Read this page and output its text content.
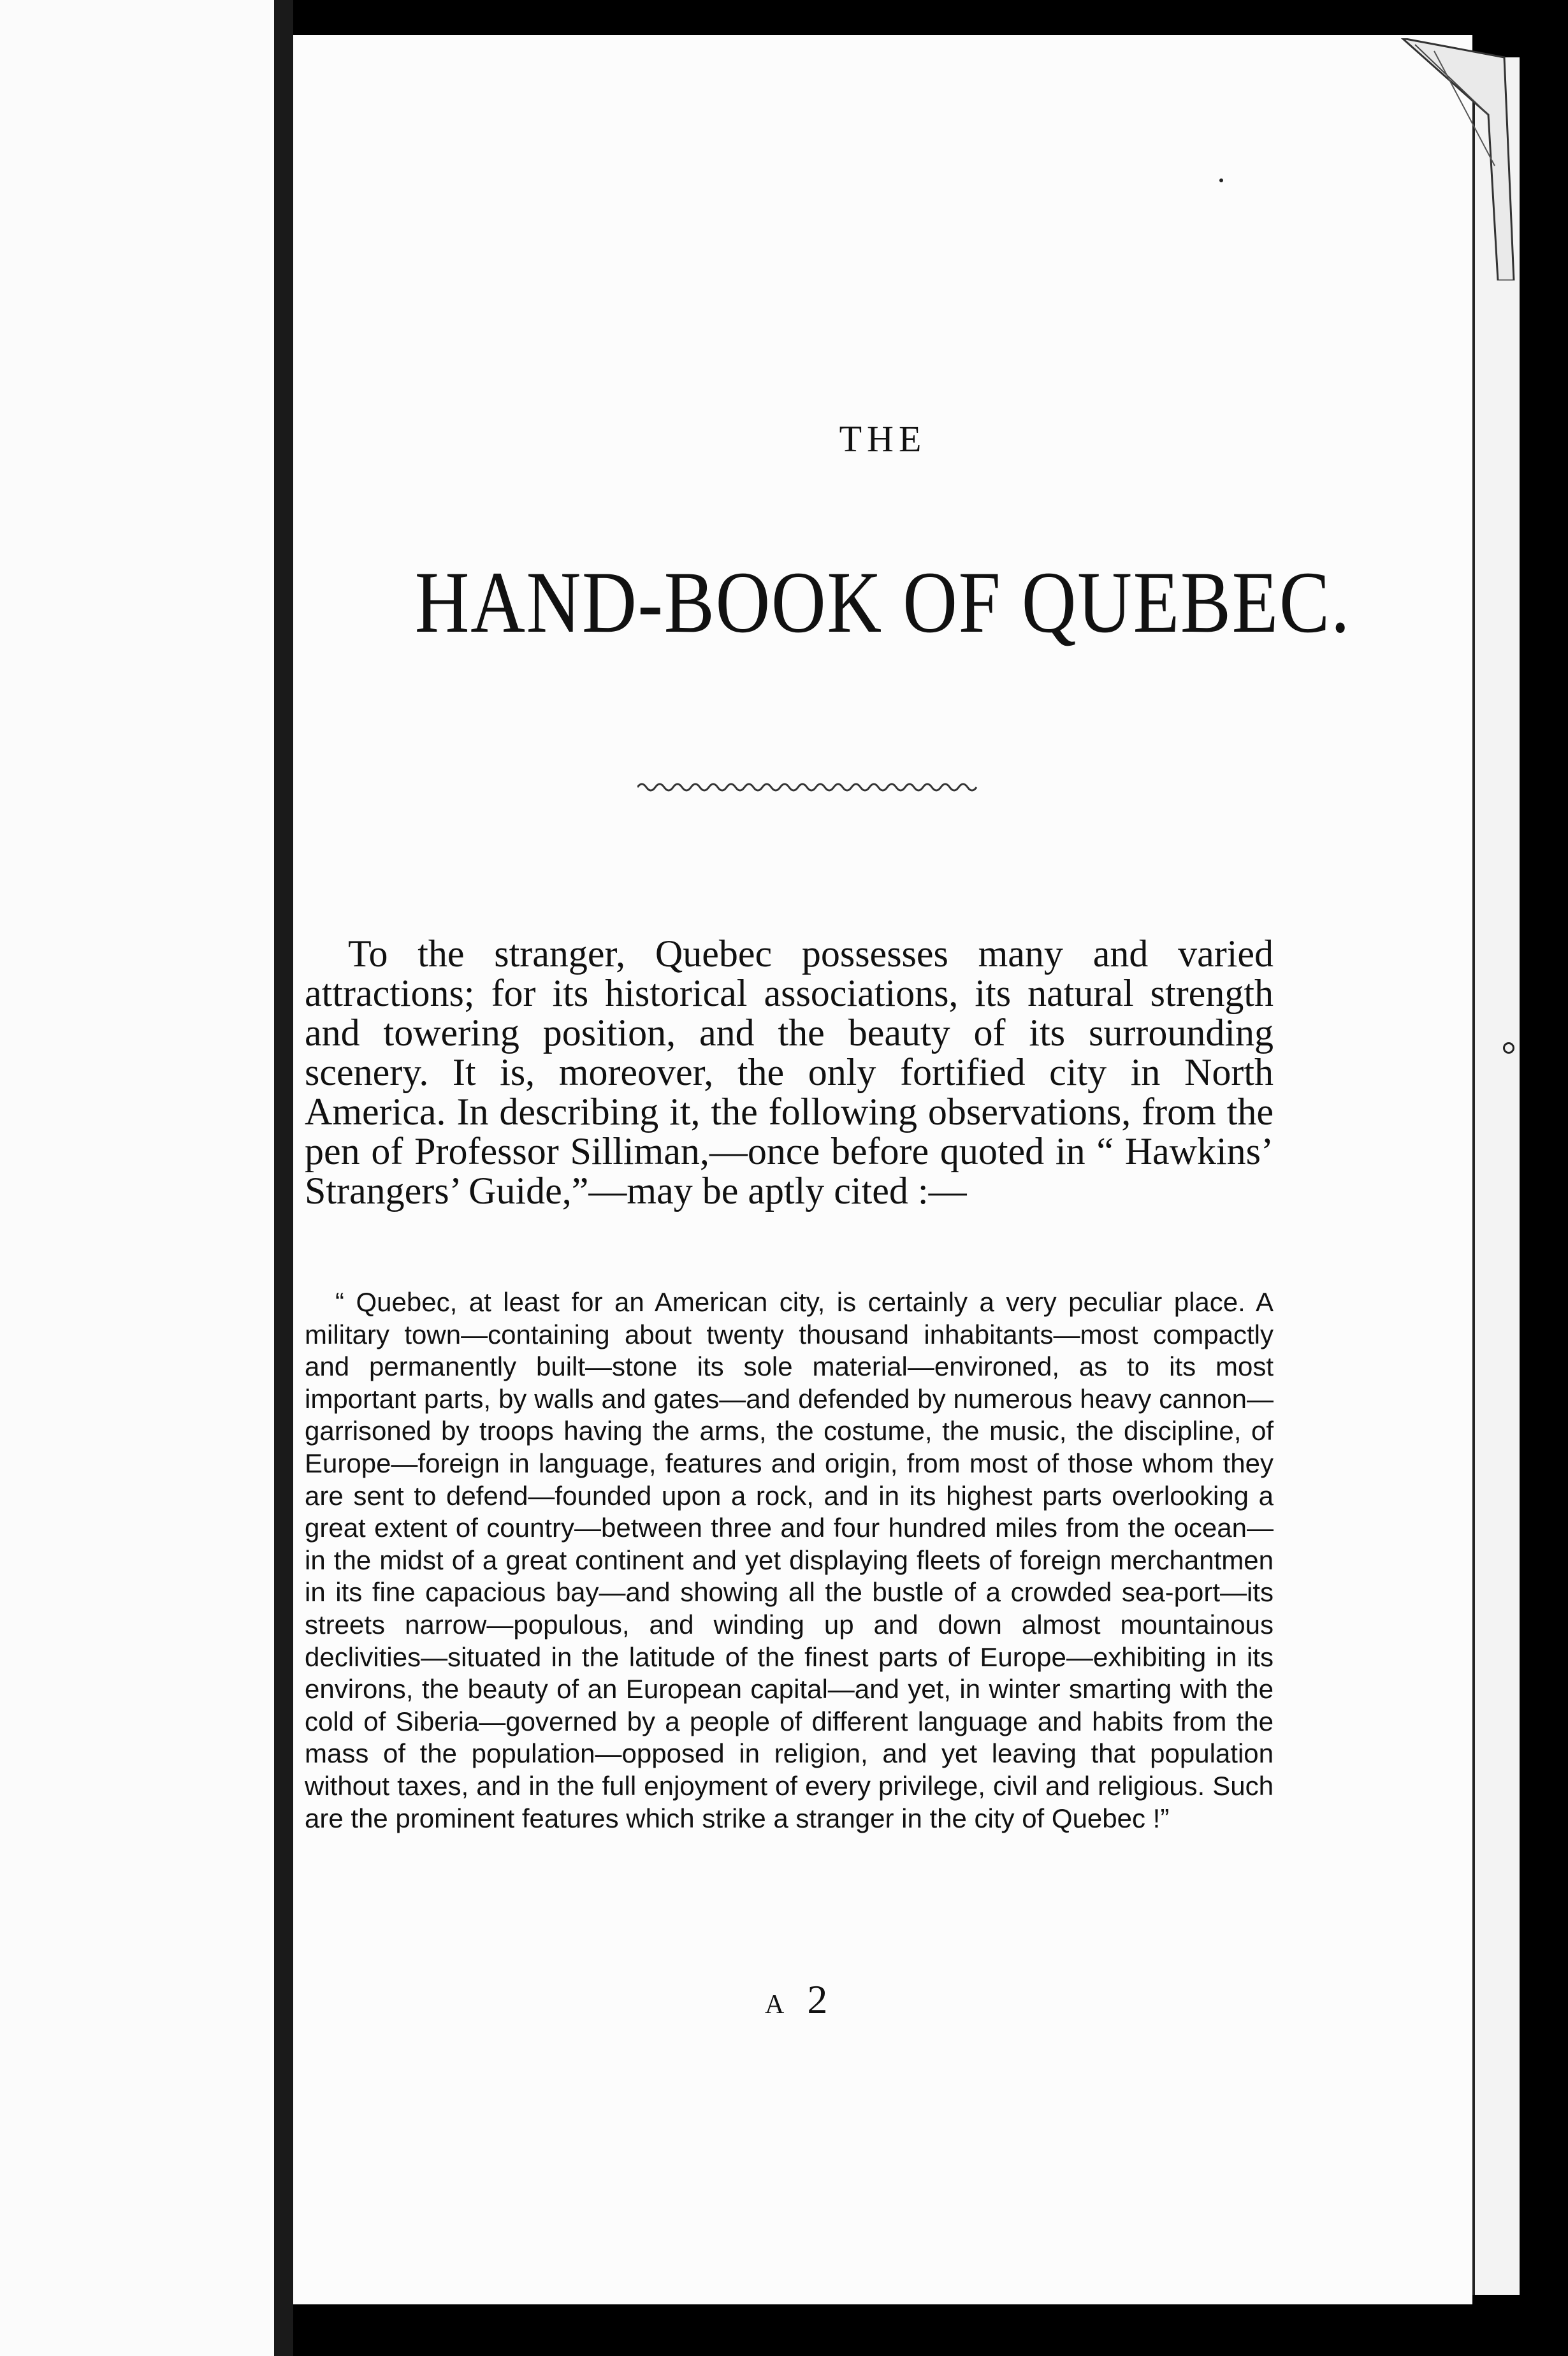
THE
HAND-BOOK OF QUEBEC.

To the stranger, Quebec possesses many and varied attractions; for its historical associations, its natural strength and towering position, and the beauty of its surrounding scenery. It is, moreover, the only fortified city in North America. In describing it, the following observations, from the pen of Professor Silliman,—once before quoted in “ Hawkins’ Strangers’ Guide,”—may be aptly cited :—

“ Quebec, at least for an American city, is certainly a very peculiar place. A military town—containing about twenty thousand inhabitants—most compactly and permanently built—stone its sole material—environed, as to its most important parts, by walls and gates—and defended by numerous heavy cannon—garrisoned by troops having the arms, the costume, the music, the discipline, of Europe—foreign in language, features and origin, from most of those whom they are sent to defend—founded upon a rock, and in its highest parts overlooking a great extent of country—between three and four hundred miles from the ocean—in the midst of a great continent and yet displaying fleets of foreign merchantmen in its fine capacious bay—and showing all the bustle of a crowded sea-port—its streets narrow—populous, and winding up and down almost mountainous declivities—situated in the latitude of the finest parts of Europe—exhibiting in its environs, the beauty of an European capital—and yet, in winter smarting with the cold of Siberia—governed by a people of different language and habits from the mass of the population—opposed in religion, and yet leaving that population without taxes, and in the full enjoyment of every privilege, civil and religious. Such are the prominent features which strike a stranger in the city of Quebec !”

A 2
